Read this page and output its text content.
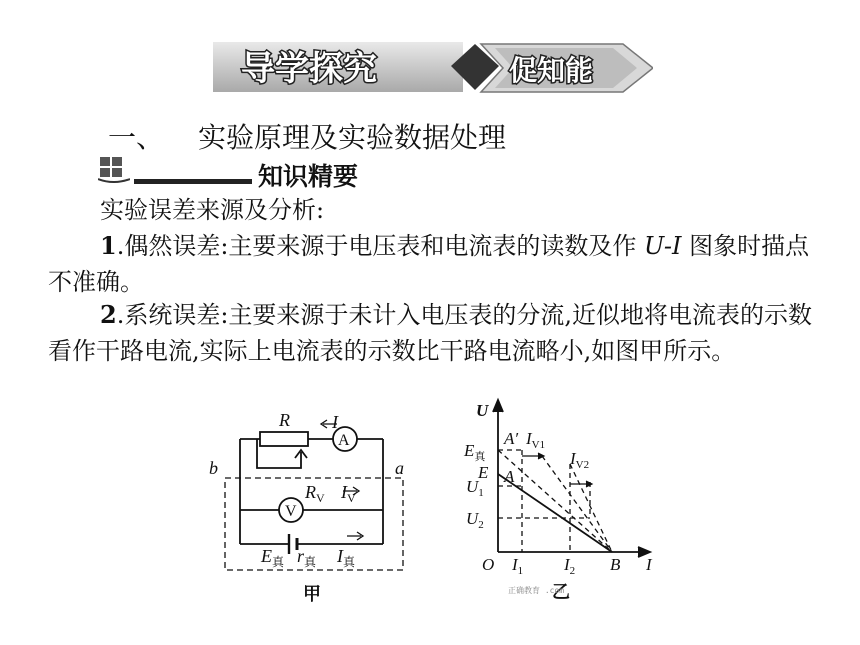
导学探究	促知能
一、 实验原理及实验数据处理
知识精要
实验误差来源及分析:
1.偶然误差:主要来源于电压表和电流表的读数及作 U-I 图象时描点不准确。
2.系统误差:主要来源于未计入电压表的分流,近似地将电流表的示数看作干路电流,实际上电流表的示数比干路电流略小,如图甲所示。
R I
A
b	a
V
$R_V$ $I_V$
$E_真$ $r_真$ $I_真$
甲
U
I
O	B
$E_真$
E
A′
A
$I_{V1}$
$I_{V2}$
$U_1$
$U_2$
$I_1$ $I_2$
乙
正确教育 .com
